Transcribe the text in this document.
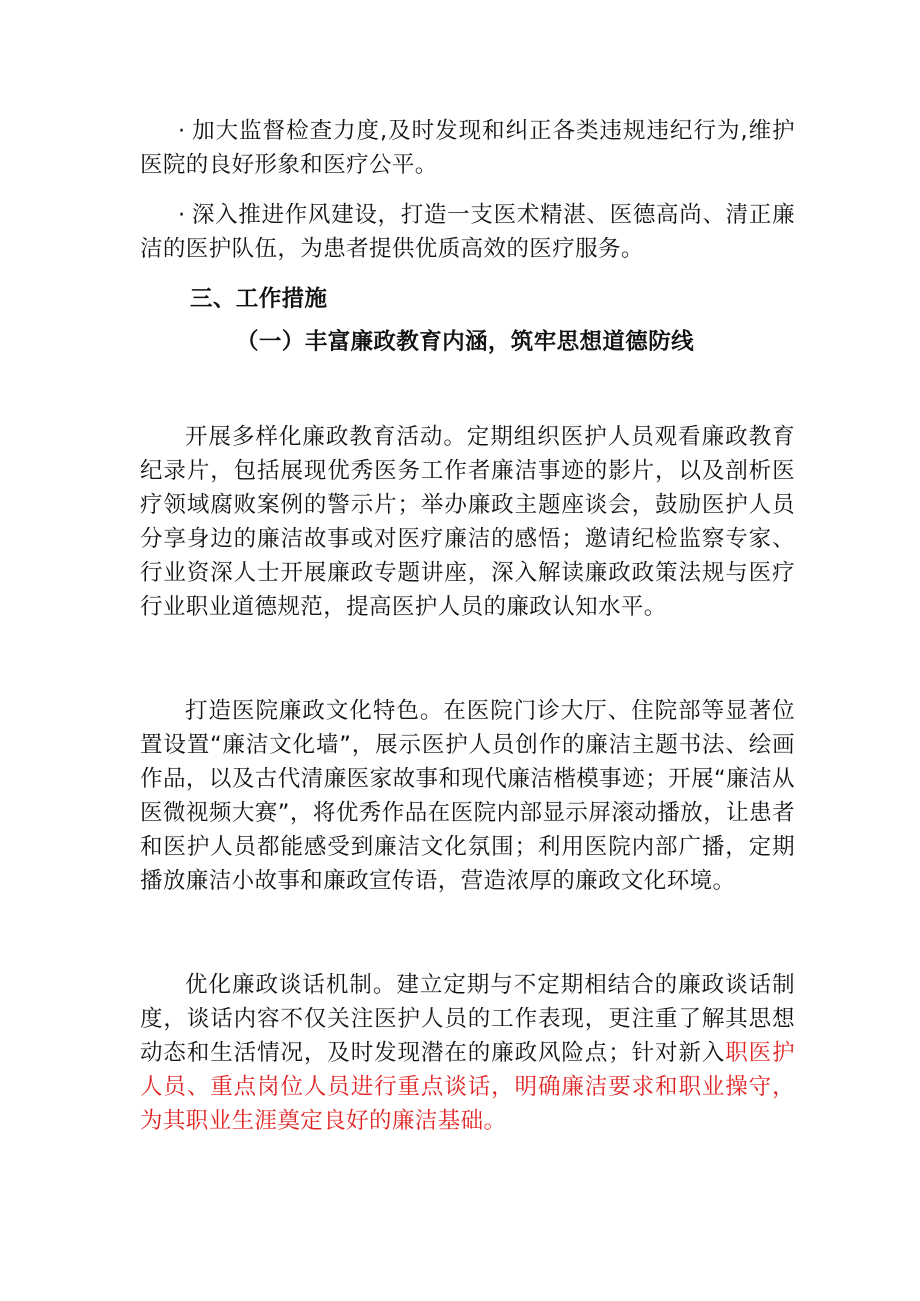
· 加大监督检查力度,及时发现和纠正各类违规违纪行为,维护医院的良好形象和医疗公平。

· 深入推进作风建设，打造一支医术精湛、医德高尚、清正廉洁的医护队伍，为患者提供优质高效的医疗服务。

三、工作措施
（一）丰富廉政教育内涵，筑牢思想道德防线

开展多样化廉政教育活动。定期组织医护人员观看廉政教育纪录片，包括展现优秀医务工作者廉洁事迹的影片，以及剖析医疗领域腐败案例的警示片；举办廉政主题座谈会，鼓励医护人员分享身边的廉洁故事或对医疗廉洁的感悟；邀请纪检监察专家、行业资深人士开展廉政专题讲座，深入解读廉政政策法规与医疗行业职业道德规范，提高医护人员的廉政认知水平。

打造医院廉政文化特色。在医院门诊大厅、住院部等显著位置设置“廉洁文化墙”，展示医护人员创作的廉洁主题书法、绘画作品，以及古代清廉医家故事和现代廉洁楷模事迹；开展“廉洁从医微视频大赛”，将优秀作品在医院内部显示屏滚动播放，让患者和医护人员都能感受到廉洁文化氛围；利用医院内部广播，定期播放廉洁小故事和廉政宣传语，营造浓厚的廉政文化环境。

优化廉政谈话机制。建立定期与不定期相结合的廉政谈话制度，谈话内容不仅关注医护人员的工作表现，更注重了解其思想动态和生活情况，及时发现潜在的廉政风险点；针对新入职医护人员、重点岗位人员进行重点谈话，明确廉洁要求和职业操守，为其职业生涯奠定良好的廉洁基础。
